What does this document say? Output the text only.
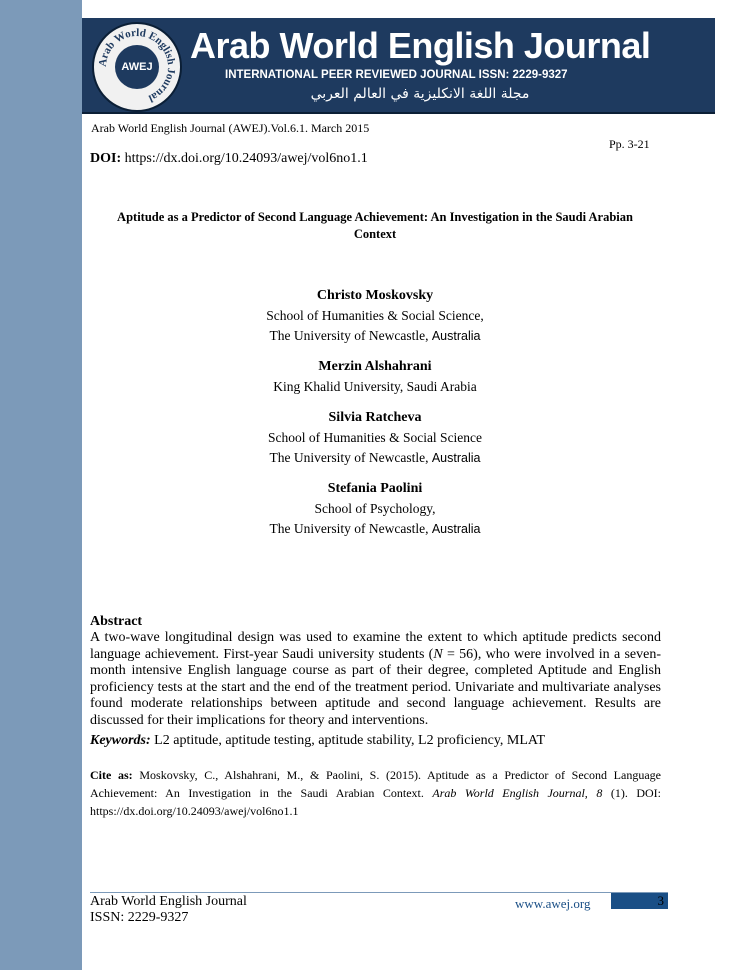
Arab World English Journal
AWEJ
Arab World English Journal
INTERNATIONAL PEER REVIEWED JOURNAL ISSN: 2229-9327
مجلة اللغة الانكليزية في العالم العربي
Arab World English Journal (AWEJ).Vol.6.1. March 2015
Pp. 3-21
DOI: https://dx.doi.org/10.24093/awej/vol6no1.1
Aptitude as a Predictor of Second Language Achievement: An Investigation in the Saudi Arabian Context
Christo Moskovsky
School of Humanities & Social Science,
The University of Newcastle, Australia
Merzin Alshahrani
King Khalid University, Saudi Arabia
Silvia Ratcheva
School of Humanities & Social Science
The University of Newcastle, Australia
Stefania Paolini
School of Psychology,
The University of Newcastle, Australia
Abstract
A two-wave longitudinal design was used to examine the extent to which aptitude predicts second language achievement. First-year Saudi university students (N = 56), who were involved in a seven-month intensive English language course as part of their degree, completed Aptitude and English proficiency tests at the start and the end of the treatment period. Univariate and multivariate analyses found moderate relationships between aptitude and second language achievement. Results are discussed for their implications for theory and interventions.
Keywords: L2 aptitude, aptitude testing, aptitude stability, L2 proficiency, MLAT
Cite as: Moskovsky, C., Alshahrani, M., & Paolini, S. (2015). Aptitude as a Predictor of Second Language Achievement: An Investigation in the Saudi Arabian Context. Arab World English Journal, 8 (1). DOI: https://dx.doi.org/10.24093/awej/vol6no1.1
Arab World English Journal
ISSN: 2229-9327
www.awej.org	3
